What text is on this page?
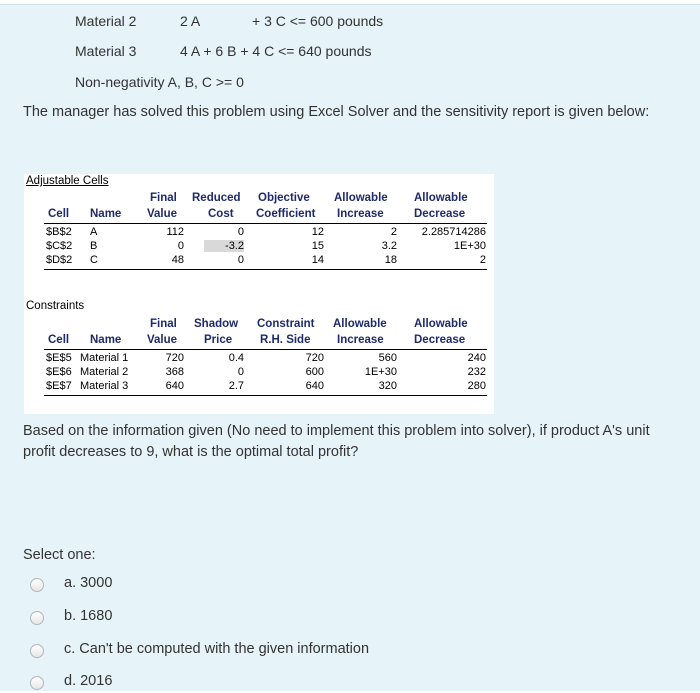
Material 2	2 A	+ 3 C <= 600 pounds
Material 3	4 A + 6 B + 4 C <= 640 pounds
Non-negativity A, B, C >= 0
The manager has solved this problem using Excel Solver and the sensitivity report is given below:
Adjustable Cells
Final Reduced Objective Allowable Allowable
Cell Name Value	Cost Coefficient Increase	Decrease
$B$2 A	112	0	12	2	2.285714286
$C$2 B	0	-3.2	15	3.2	1E+30
$D$2 C	48	0	14	18	2
Constraints
Final Shadow Constraint Allowable Allowable
Cell Name Value Price R.H. Side Increase	Decrease
$E$5 Material 1	720	0.4	720	560	240
$E$6 Material 2	368	0	600	1E+30	232
$E$7 Material 3	640	2.7	640	320	280
Based on the information given (No need to implement this problem into solver), if product A's unit profit decreases to 9, what is the optimal total profit?
Select one:
a. 3000
b. 1680
c. Can't be computed with the given information
d. 2016
